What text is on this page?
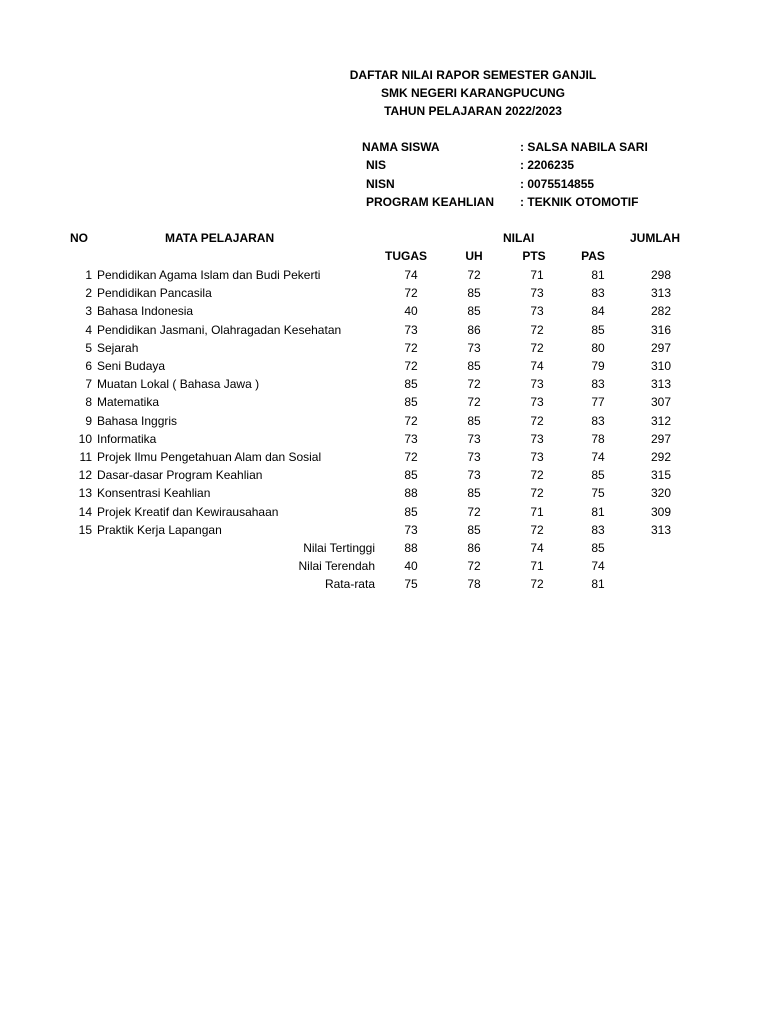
DAFTAR NILAI RAPOR SEMESTER GANJIL
SMK NEGERI KARANGPUCUNG
TAHUN PELAJARAN 2022/2023
NAMA SISWA	: SALSA NABILA SARI
NIS	: 2206235
NISN	: 0075514855
PROGRAM KEAHLIAN : TEKNIK OTOMOTIF
NO	MATA PELAJARAN	NILAI	JUMLAH
TUGAS	UH	PTS	PAS
1 Pendidikan Agama Islam dan Budi Pekerti	74	72	71	81	298
2 Pendidikan Pancasila	72	85	73	83	313
3 Bahasa Indonesia	40	85	73	84	282
4 Pendidikan Jasmani, Olahragadan Kesehatan	73	86	72	85	316
5 Sejarah	72	73	72	80	297
6 Seni Budaya	72	85	74	79	310
7 Muatan Lokal ( Bahasa Jawa )	85	72	73	83	313
8 Matematika	85	72	73	77	307
9 Bahasa Inggris	72	85	72	83	312
10 Informatika	73	73	73	78	297
11 Projek Ilmu Pengetahuan Alam dan Sosial	72	73	73	74	292
12 Dasar-dasar Program Keahlian	85	73	72	85	315
13 Konsentrasi Keahlian	88	85	72	75	320
14 Projek Kreatif dan Kewirausahaan	85	72	71	81	309
15 Praktik Kerja Lapangan	73	85	72	83	313
Nilai Tertinggi	88	86	74	85
Nilai Terendah	40	72	71	74
Rata-rata	75	78	72	81
